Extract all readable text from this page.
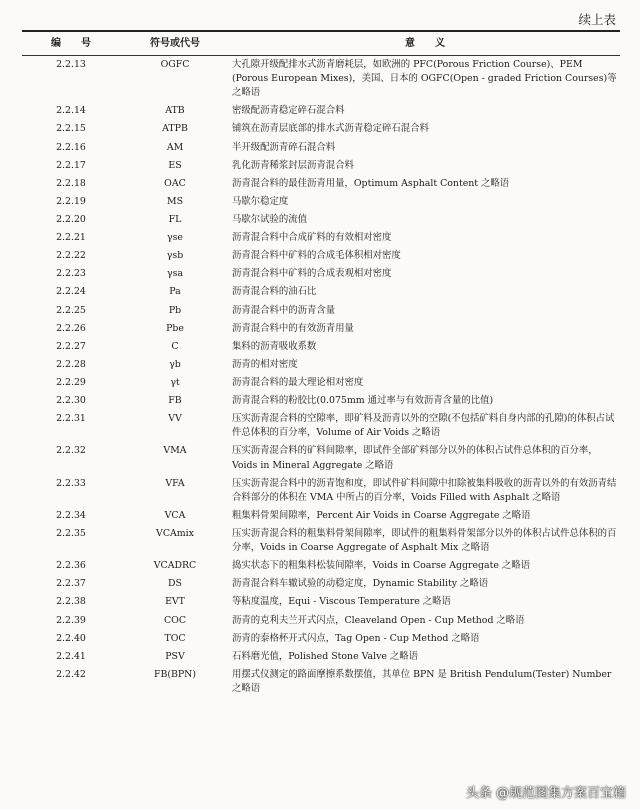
续上表
编　　号	符号或代号	意　　义
2.2.13	OGFC	大孔隙开级配排水式沥青磨耗层，如欧洲的 PFC(Porous Friction Course)、PEM (Porous European Mixes)，美国、日本的 OGFC(Open - graded Friction Courses)等之略语
2.2.14	ATB	密级配沥青稳定碎石混合料
2.2.15	ATPB	铺筑在沥青层底部的排水式沥青稳定碎石混合料
2.2.16	AM	半开级配沥青碎石混合料
2.2.17	ES	乳化沥青稀浆封层沥青混合料
2.2.18	OAC	沥青混合料的最佳沥青用量，Optimum Asphalt Content 之略语
2.2.19	MS	马歇尔稳定度
2.2.20	FL	马歇尔试验的流值
2.2.21	γse	沥青混合料中合成矿料的有效相对密度
2.2.22	γsb	沥青混合料中矿料的合成毛体积相对密度
2.2.23	γsa	沥青混合料中矿料的合成表观相对密度
2.2.24	Pa	沥青混合料的油石比
2.2.25	Pb	沥青混合料中的沥青含量
2.2.26	Pbe	沥青混合料中的有效沥青用量
2.2.27	C	集料的沥青吸收系数
2.2.28	γb	沥青的相对密度
2.2.29	γt	沥青混合料的最大理论相对密度
2.2.30	FB	沥青混合料的粉胶比(0.075mm 通过率与有效沥青含量的比值)
2.2.31	VV	压实沥青混合料的空隙率，即矿料及沥青以外的空隙(不包括矿料自身内部的孔隙)的体积占试件总体积的百分率，Volume of Air Voids 之略语
2.2.32	VMA	压实沥青混合料的矿料间隙率，即试件全部矿料部分以外的体积占试件总体积的百分率，Voids in Mineral Aggregate 之略语
2.2.33	VFA	压实沥青混合料中的沥青饱和度，即试件矿料间隙中扣除被集料吸收的沥青以外的有效沥青结合料部分的体积在 VMA 中所占的百分率，Voids Filled with Asphalt 之略语
2.2.34	VCA	粗集料骨架间隙率，Percent Air Voids in Coarse Aggregate 之略语
2.2.35	VCAmix	压实沥青混合料的粗集料骨架间隙率，即试件的粗集料骨架部分以外的体积占试件总体积的百分率，Voids in Coarse Aggregate of Asphalt Mix 之略语
2.2.36	VCADRC	捣实状态下的粗集料松装间隙率，Voids in Coarse Aggregate 之略语
2.2.37	DS	沥青混合料车辙试验的动稳定度，Dynamic Stability 之略语
2.2.38	EVT	等粘度温度，Equi - Viscous Temperature 之略语
2.2.39	COC	沥青的克利夫兰开式闪点，Cleaveland Open - Cup Method 之略语
2.2.40	TOC	沥青的泰格杯开式闪点，Tag Open - Cup Method 之略语
2.2.41	PSV	石料磨光值，Polished Stone Valve 之略语
2.2.42	FB(BPN)	用摆式仪测定的路面摩擦系数摆值，其单位 BPN 是 British Pendulum(Tester) Number 之略语
头条 @规范图集方案百宝箱
